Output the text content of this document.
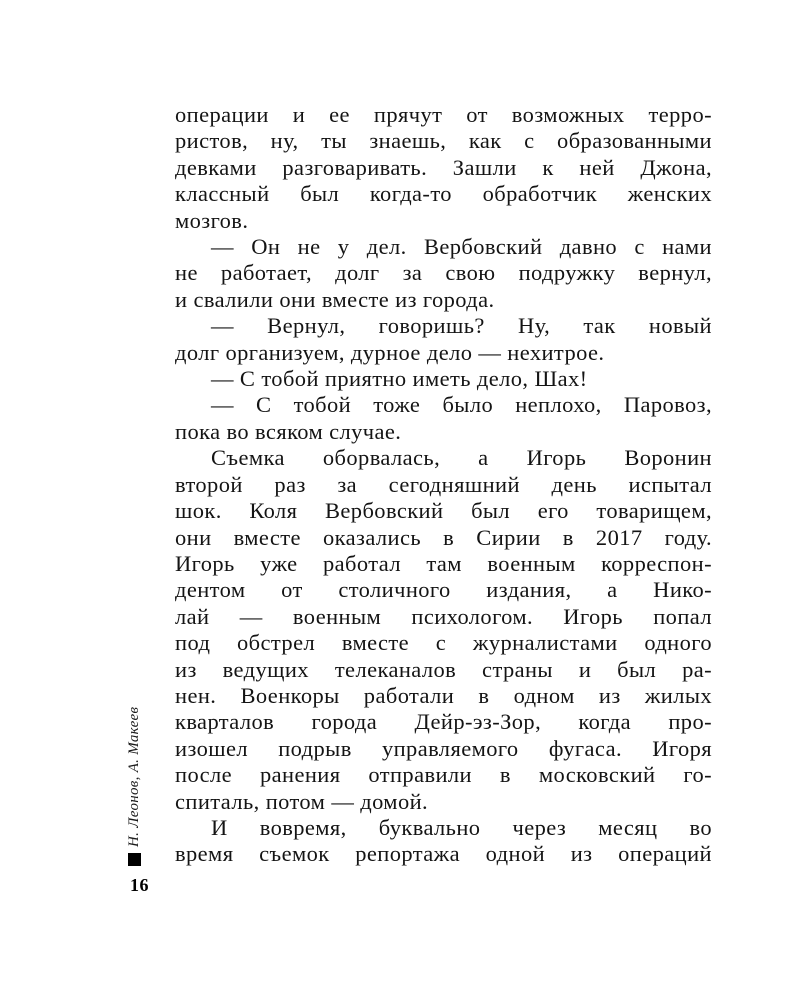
операции и ее прячут от возможных терро-
ристов, ну, ты знаешь, как с образованными
девками разговаривать. Зашли к ней Джона,
классный был когда-то обработчик женских
мозгов.
— Он не у дел. Вербовский давно с нами
не работает, долг за свою подружку вернул,
и свалили они вместе из города.
— Вернул, говоришь? Ну, так новый
долг организуем, дурное дело — нехитрое.
— С тобой приятно иметь дело, Шах!
— С тобой тоже было неплохо, Паровоз,
пока во всяком случае.
Съемка оборвалась, а Игорь Воронин
второй раз за сегодняшний день испытал
шок. Коля Вербовский был его товарищем,
они вместе оказались в Сирии в 2017 году.
Игорь уже работал там военным корреспон-
дентом от столичного издания, а Нико-
лай — военным психологом. Игорь попал
под обстрел вместе с журналистами одного
из ведущих телеканалов страны и был ра-
нен. Военкоры работали в одном из жилых
кварталов города Дейр-эз-Зор, когда про-
изошел подрыв управляемого фугаса. Игоря
после ранения отправили в московский го-
спиталь, потом — домой.
И вовремя, буквально через месяц во
время съемок репортажа одной из операций
Н. Леонов, А. Макеев
16
